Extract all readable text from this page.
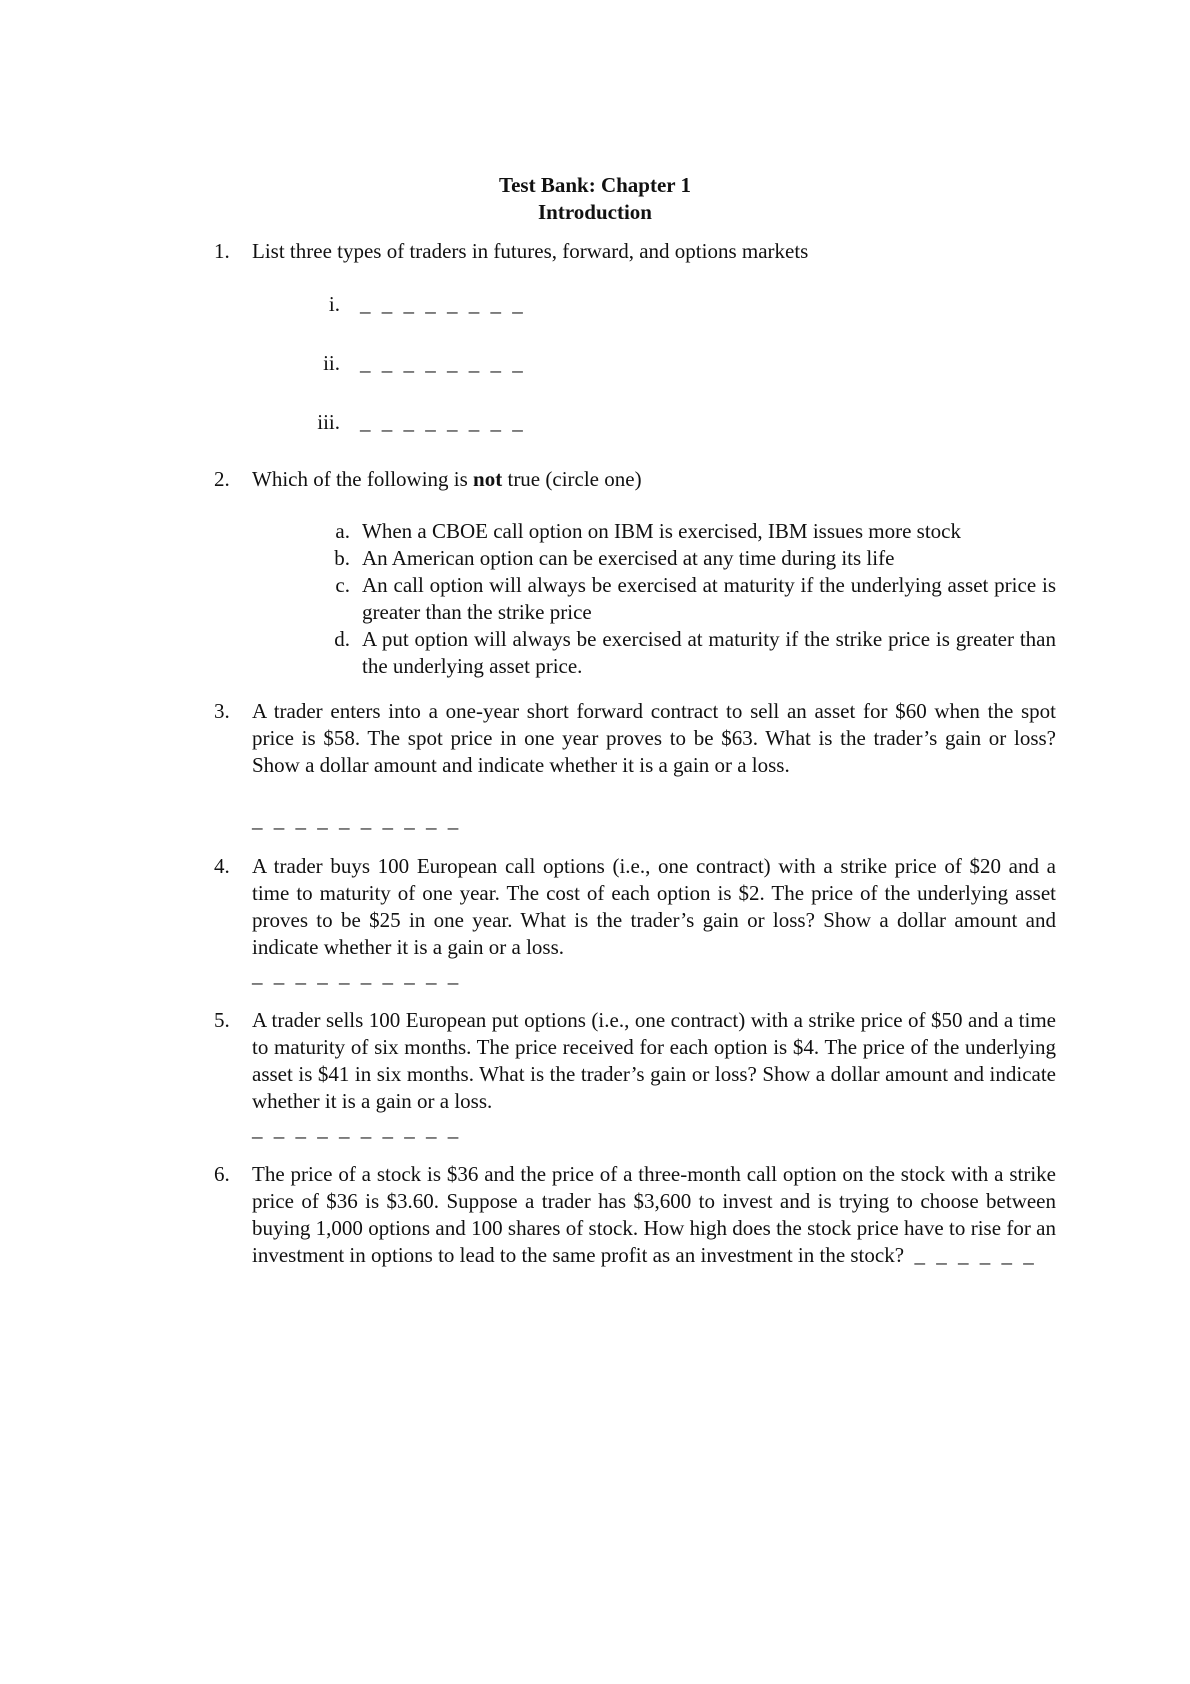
Test Bank: Chapter 1
Introduction
1.	List three types of traders in futures, forward, and options markets
i. _ _ _ _ _ _ _ _
ii. _ _ _ _ _ _ _ _
iii. _ _ _ _ _ _ _ _
2.	Which of the following is not true (circle one)
a. When a CBOE call option on IBM is exercised, IBM issues more stock
b. An American option can be exercised at any time during its life
c. An call option will always be exercised at maturity if the underlying asset price is greater than the strike price
d. A put option will always be exercised at maturity if the strike price is greater than the underlying asset price.
3.	A trader enters into a one-year short forward contract to sell an asset for $60 when the spot price is $58. The spot price in one year proves to be $63. What is the trader’s gain or loss? Show a dollar amount and indicate whether it is a gain or a loss.
_ _ _ _ _ _ _ _ _ _
4.	A trader buys 100 European call options (i.e., one contract) with a strike price of $20 and a time to maturity of one year. The cost of each option is $2. The price of the underlying asset proves to be $25 in one year. What is the trader’s gain or loss? Show a dollar amount and indicate whether it is a gain or a loss.
_ _ _ _ _ _ _ _ _ _
5.	A trader sells 100 European put options (i.e., one contract) with a strike price of $50 and a time to maturity of six months. The price received for each option is $4. The price of the underlying asset is $41 in six months. What is the trader’s gain or loss? Show a dollar amount and indicate whether it is a gain or a loss.
_ _ _ _ _ _ _ _ _ _
6.	The price of a stock is $36 and the price of a three-month call option on the stock with a strike price of $36 is $3.60. Suppose a trader has $3,600 to invest and is trying to choose between buying 1,000 options and 100 shares of stock. How high does the stock price have to rise for an investment in options to lead to the same profit as an investment in the stock? _ _ _ _ _ _
